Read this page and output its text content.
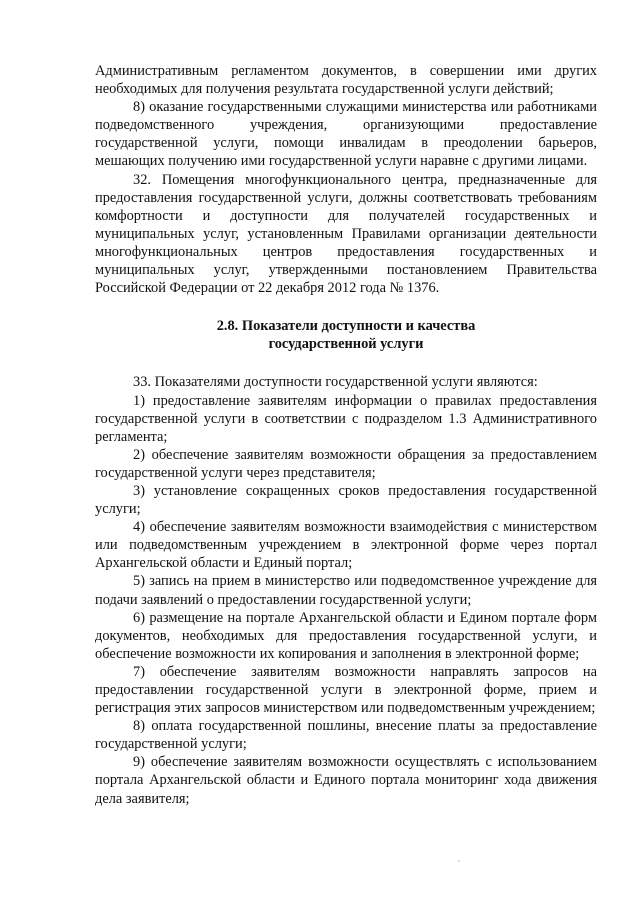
Административным регламентом документов, в совершении ими других необходимых для получения результата государственной услуги действий;

8) оказание государственными служащими министерства или работниками подведомственного учреждения, организующими предоставление государственной услуги, помощи инвалидам в преодолении барьеров, мешающих получению ими государственной услуги наравне с другими лицами.

32. Помещения многофункционального центра, предназначенные для предоставления государственной услуги, должны соответствовать требованиям комфортности и доступности для получателей государственных и муниципальных услуг, установленным Правилами организации деятельности многофункциональных центров предоставления государственных и муниципальных услуг, утвержденными постановлением Правительства Российской Федерации от 22 декабря 2012 года № 1376.

2.8. Показатели доступности и качества
государственной услуги

33. Показателями доступности государственной услуги являются:

1) предоставление заявителям информации о правилах предоставления государственной услуги в соответствии с подразделом 1.3 Административного регламента;

2) обеспечение заявителям возможности обращения за предоставлением государственной услуги через представителя;

3) установление сокращенных сроков предоставления государственной услуги;

4) обеспечение заявителям возможности взаимодействия с министерством или подведомственным учреждением в электронной форме через портал Архангельской области и Единый портал;

5) запись на прием в министерство или подведомственное учреждение для подачи заявлений о предоставлении государственной услуги;

6) размещение на портале Архангельской области и Едином портале форм документов, необходимых для предоставления государственной услуги, и обеспечение возможности их копирования и заполнения в электронной форме;

7) обеспечение заявителям возможности направлять запросов на предоставлении государственной услуги в электронной форме, прием и регистрация этих запросов министерством или подведомственным учреждением;

8) оплата государственной пошлины, внесение платы за предоставление государственной услуги;

9) обеспечение заявителям возможности осуществлять с использованием портала Архангельской области и Единого портала мониторинг хода движения дела заявителя;
